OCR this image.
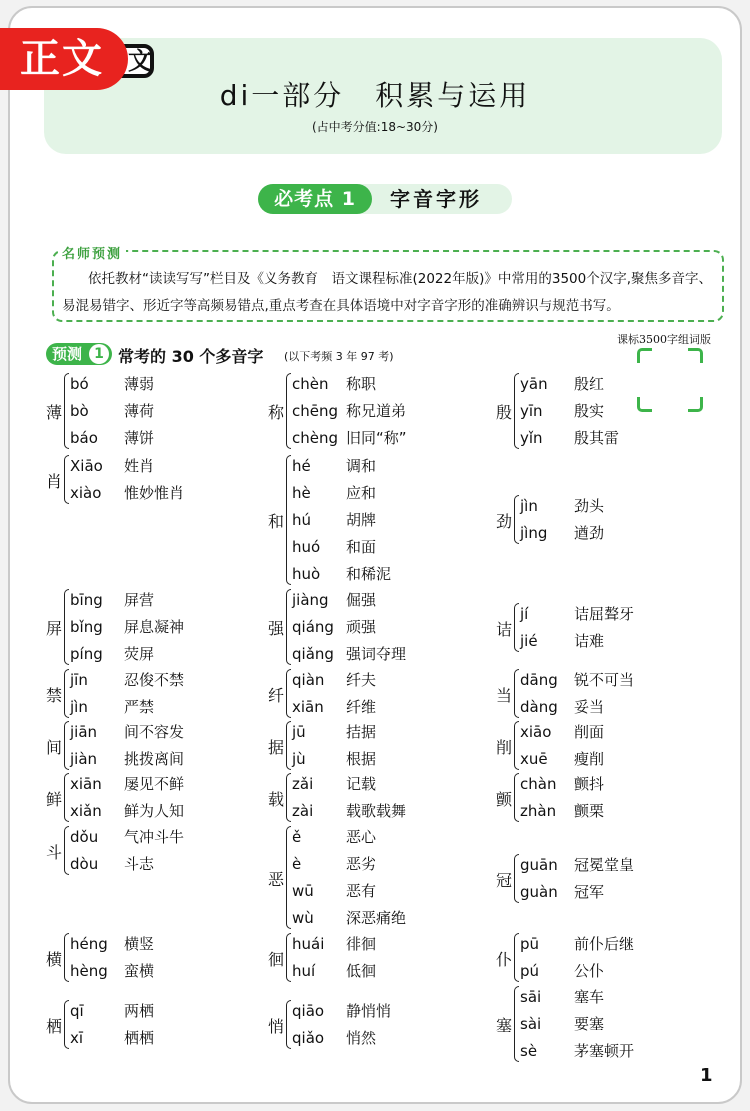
文
正文
di一部分　积累与运用
(占中考分值:18~30分)
必考点 1	字音字形
名师预测
依托教材“读读写写”栏目及《义务教育　语文课程标准(2022年版)》中常用的3500个汉字,聚焦多音字、易混易错字、形近字等高频易错点,重点考查在具体语境中对字音字形的准确辨识与规范书写。
预测 1 常考的 30 个多音字 (以下考频 3 年 97 考)
课标3500字组词版
薄
bó 薄弱
bò 薄荷
báo 薄饼
称
chèn 称职
chēng 称兄道弟
chèng 旧同“称”
殷
yān 殷红
yīn 殷实
yǐn 殷其雷
肖
Xiāo 姓肖
xiào 惟妙惟肖
和
hé 调和
hè 应和
hú 胡牌
huó 和面
huò 和稀泥
劲
jìn 劲头
jìng 遒劲
屏
bīng 屏营
bǐng 屏息凝神
píng 荧屏
强
jiàng 倔强
qiáng 顽强
qiǎng 强词夺理
诘
jí	诘屈聱牙
jié 诘难
禁
jīn 忍俊不禁
jìn 严禁
纤
qiàn 纤夫
xiān 纤维
当
dāng 锐不可当
dàng 妥当
间
jiān 间不容发
jiàn 挑拨离间
据
jū	拮据
jù	根据
削
xiāo 削面
xuē 瘦削
鲜
xiān 屡见不鲜
xiǎn 鲜为人知
载
zǎi 记载
zài 载歌载舞
颤
chàn 颤抖
zhàn 颤栗
斗
dǒu 气冲斗牛
dòu 斗志
恶
ě	恶心
è	恶劣
wū 恶有
wù 深恶痛绝
冠
guān 冠冕堂皇
guàn 冠军
横
héng 横竖
hèng 蛮横
徊
huái 徘徊
huí 低徊
仆
pū 前仆后继
pú 公仆
栖
qī	两栖
xī	栖栖
悄
qiāo 静悄悄
qiǎo 悄然
塞
sāi 塞车
sài 要塞
sè 茅塞顿开
1
